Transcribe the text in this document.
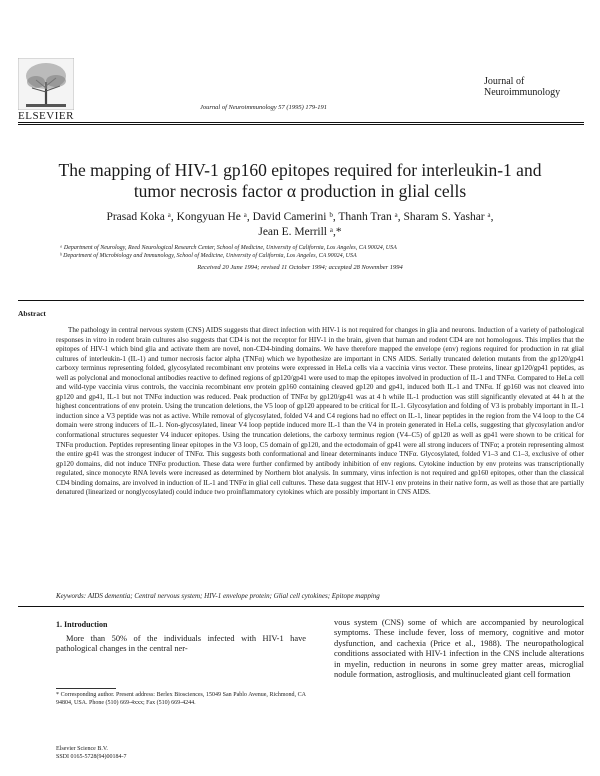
ELSEVIER
Journal of Neuroimmunology 57 (1995) 179-191
Journal of
Neuroimmunology
The mapping of HIV-1 gp160 epitopes required for interleukin-1 and
tumor necrosis factor α production in glial cells
Prasad Koka ᵃ, Kongyuan He ᵃ, David Camerini ᵇ, Thanh Tran ᵃ, Sharam S. Yashar ᵃ,
Jean E. Merrill ᵃ,*
ᵃ Department of Neurology, Reed Neurological Research Center, School of Medicine, University of California, Los Angeles, CA 90024, USA
ᵇ Department of Microbiology and Immunology, School of Medicine, University of California, Los Angeles, CA 90024, USA
Received 20 June 1994; revised 11 October 1994; accepted 28 November 1994
Abstract
The pathology in central nervous system (CNS) AIDS suggests that direct infection with HIV-1 is not required for changes in glia and neurons. Induction of a variety of pathological responses in vitro in rodent brain cultures also suggests that CD4 is not the receptor for HIV-1 in the brain, given that human and rodent CD4 are not homologous. This implies that the epitopes of HIV-1 which bind glia and activate them are novel, non-CD4-binding domains. We have therefore mapped the envelope (env) regions required for production in rat glial cultures of interleukin-1 (IL-1) and tumor necrosis factor alpha (TNFα) which we hypothesize are important in CNS AIDS. Serially truncated deletion mutants from the gp120/gp41 carboxy terminus representing folded, glycosylated recombinant env proteins were expressed in HeLa cells via a vaccinia virus vector. These proteins, linear gp120/gp41 peptides, as well as polyclonal and monoclonal antibodies reactive to defined regions of gp120/gp41 were used to map the epitopes involved in production of IL-1 and TNFα. Compared to HeLa cell and wild-type vaccinia virus controls, the vaccinia recombinant env protein gp160 containing cleaved gp120 and gp41, induced both IL-1 and TNFα. If gp160 was not cleaved into gp120 and gp41, IL-1 but not TNFα induction was reduced. Peak production of TNFα by gp120/gp41 was at 4 h while IL-1 production was still significantly elevated at 44 h at the highest concentrations of env protein. Using the truncation deletions, the V5 loop of gp120 appeared to be critical for IL-1. Glycosylation and folding of V3 is probably important in IL-1 induction since a V3 peptide was not as active. While removal of glycosylated, folded V4 and C4 regions had no effect on IL-1, linear peptides in the region from the V4 loop to the C4 domain were strong inducers of IL-1. Non-glycosylated, linear V4 loop peptide induced more IL-1 than the V4 in protein generated in HeLa cells, suggesting that glycosylation and/or conformational structures sequester V4 inducer epitopes. Using the truncation deletions, the carboxy terminus region (V4–C5) of gp120 as well as gp41 were shown to be critical for TNFα production. Peptides representing linear epitopes in the V3 loop, C5 domain of gp120, and the ectodomain of gp41 were all strong inducers of TNFα; a protein representing almost the entire gp41 was the strongest inducer of TNFα. This suggests both conformational and linear determinants induce TNFα. Glycosylated, folded V1–3 and C1–3, exclusive of other gp120 domains, did not induce TNFα production. These data were further confirmed by antibody inhibition of env regions. Cytokine induction by env proteins was transcriptionally regulated, since monocyte RNA levels were increased as determined by Northern blot analysis. In summary, virus infection is not required and gp160 epitopes, other than the classical CD4 binding domains, are involved in induction of IL-1 and TNFα in glial cell cultures. These data suggest that HIV-1 env proteins in their native form, as well as those that are partially denatured (linearized or nonglycosylated) could induce two proinflammatory cytokines which are possibly important in CNS AIDS.
Keywords: AIDS dementia; Central nervous system; HIV-1 envelope protein; Glial cell cytokines; Epitope mapping
1. Introduction
More than 50% of the individuals infected with HIV-1 have pathological changes in the central ner-
vous system (CNS) some of which are accompanied by neurological symptoms. These include fever, loss of memory, cognitive and motor dysfunction, and cachexia (Price et al., 1988). The neuropathological conditions associated with HIV-1 infection in the CNS include alterations in myelin, reduction in neurons in some grey matter areas, microglial nodule formation, astrogliosis, and multinucleated giant cell formation
* Corresponding author. Present address: Berlex Biosciences, 15049 San Pablo Avenue, Richmond, CA 94804, USA. Phone (510) 669-4xxx; Fax (510) 669-4244.
Elsevier Science B.V.
SSDI 0165-5728(94)00184-7
